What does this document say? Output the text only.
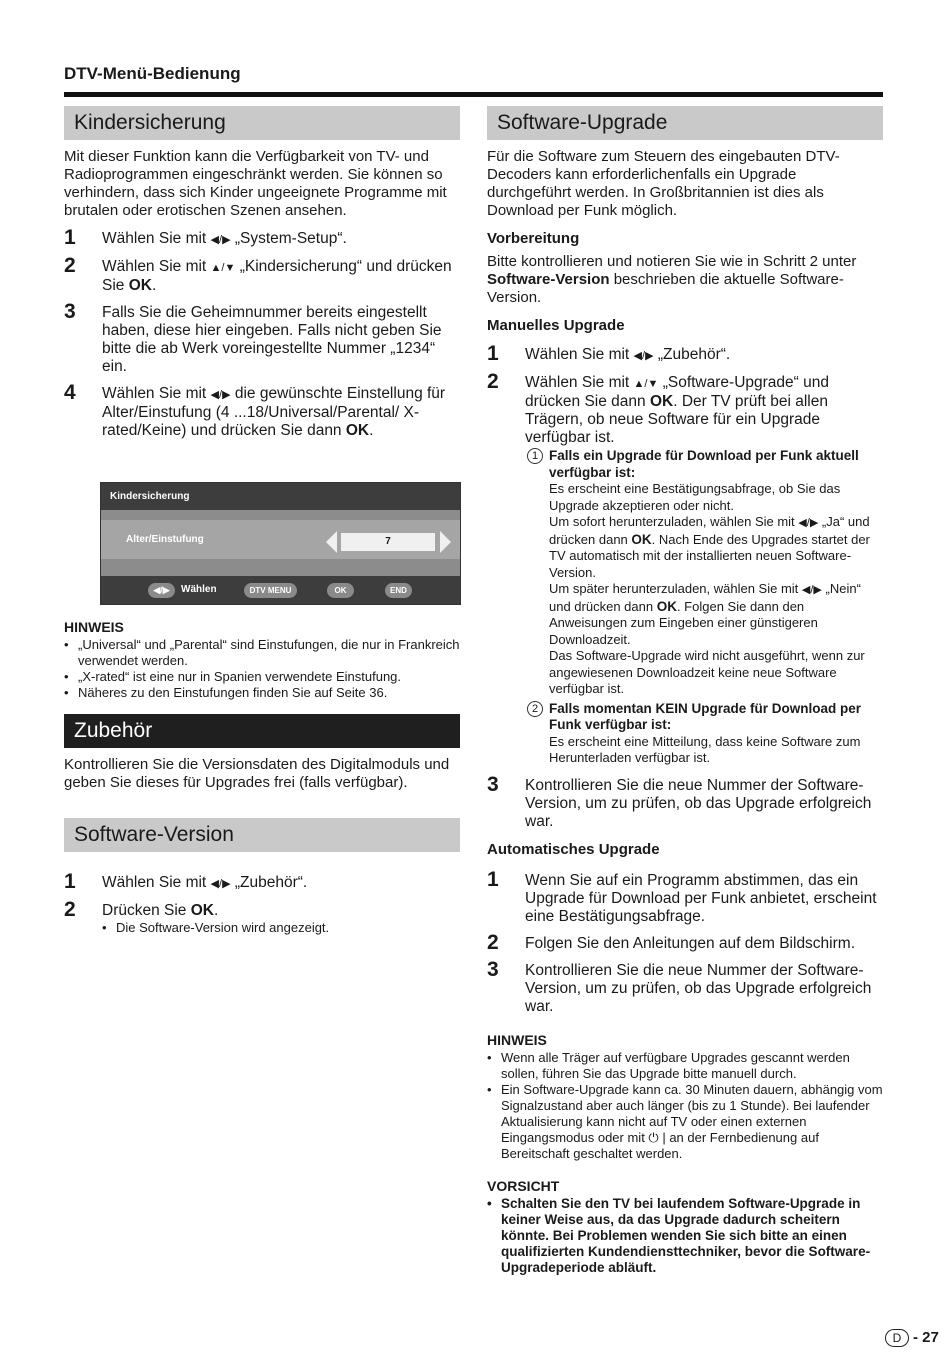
DTV-Menü-Bedienung
Kindersicherung

Mit dieser Funktion kann die Verfügbarkeit von TV- und Radioprogrammen eingeschränkt werden. Sie können so verhindern, dass sich Kinder ungeeignete Programme mit brutalen oder erotischen Szenen ansehen.

1 Wählen Sie mit ◀/▶ „System-Setup“.
2 Wählen Sie mit ▲/▼ „Kindersicherung“ und drücken Sie OK.
3 Falls Sie die Geheimnummer bereits eingestellt haben, diese hier eingeben. Falls nicht geben Sie bitte die ab Werk voreingestellte Nummer „1234“ ein.
4 Wählen Sie mit ◀/▶ die gewünschte Einstellung für Alter/Einstufung (4 ...18/Universal/Parental/ X-rated/Keine) und drücken Sie dann OK.
Kindersicherung
Alter/Einstufung	7
◀/▶	Wählen	DTV MENU	OK	END
HINWEIS
• „Universal“ und „Parental“ sind Einstufungen, die nur in Frankreich verwendet werden.
• „X-rated“ ist eine nur in Spanien verwendete Einstufung.
• Näheres zu den Einstufungen finden Sie auf Seite 36.
Zubehör

Kontrollieren Sie die Versionsdaten des Digitalmoduls und geben Sie dieses für Upgrades frei (falls verfügbar).

Software-Version
1 Wählen Sie mit ◀/▶ „Zubehör“.
2 Drücken Sie OK.
• Die Software-Version wird angezeigt.
Software-Upgrade

Für die Software zum Steuern des eingebauten DTV-Decoders kann erforderlichenfalls ein Upgrade durchgeführt werden. In Großbritannien ist dies als Download per Funk möglich.

Vorbereitung

Bitte kontrollieren und notieren Sie wie in Schritt 2 unter Software-Version beschrieben die aktuelle Software-Version.

Manuelles Upgrade
1 Wählen Sie mit ◀/▶ „Zubehör“.
2 Wählen Sie mit ▲/▼ „Software-Upgrade“ und drücken Sie dann OK. Der TV prüft bei allen Trägern, ob neue Software für ein Upgrade verfügbar ist.
1 Falls ein Upgrade für Download per Funk aktuell verfügbar ist:
Es erscheint eine Bestätigungsabfrage, ob Sie das Upgrade akzeptieren oder nicht.
Um sofort herunterzuladen, wählen Sie mit ◀/▶ „Ja“ und drücken dann OK. Nach Ende des Upgrades startet der TV automatisch mit der installierten neuen Software-Version.
Um später herunterzuladen, wählen Sie mit ◀/▶ „Nein“ und drücken dann OK. Folgen Sie dann den Anweisungen zum Eingeben einer günstigeren Downloadzeit.
Das Software-Upgrade wird nicht ausgeführt, wenn zur angewiesenen Downloadzeit keine neue Software verfügbar ist.
2 Falls momentan KEIN Upgrade für Download per Funk verfügbar ist:
Es erscheint eine Mitteilung, dass keine Software zum Herunterladen verfügbar ist.
3 Kontrollieren Sie die neue Nummer der Software-Version, um zu prüfen, ob das Upgrade erfolgreich war.
Automatisches Upgrade
1 Wenn Sie auf ein Programm abstimmen, das ein Upgrade für Download per Funk anbietet, erscheint eine Bestätigungsabfrage.
2 Folgen Sie den Anleitungen auf dem Bildschirm.
3 Kontrollieren Sie die neue Nummer der Software-Version, um zu prüfen, ob das Upgrade erfolgreich war.
HINWEIS
• Wenn alle Träger auf verfügbare Upgrades gescannt werden sollen, führen Sie das Upgrade bitte manuell durch.
• Ein Software-Upgrade kann ca. 30 Minuten dauern, abhängig vom Signalzustand aber auch länger (bis zu 1 Stunde). Bei laufender Aktualisierung kann nicht auf TV oder einen externen Eingangsmodus oder mit ⏻ | an der Fernbedienung auf Bereitschaft geschaltet werden.
VORSICHT
• Schalten Sie den TV bei laufendem Software-Upgrade in keiner Weise aus, da das Upgrade dadurch scheitern könnte. Bei Problemen wenden Sie sich bitte an einen qualifizierten Kundendiensttechniker, bevor die Software-Upgradeperiode abläuft.
D - 27
